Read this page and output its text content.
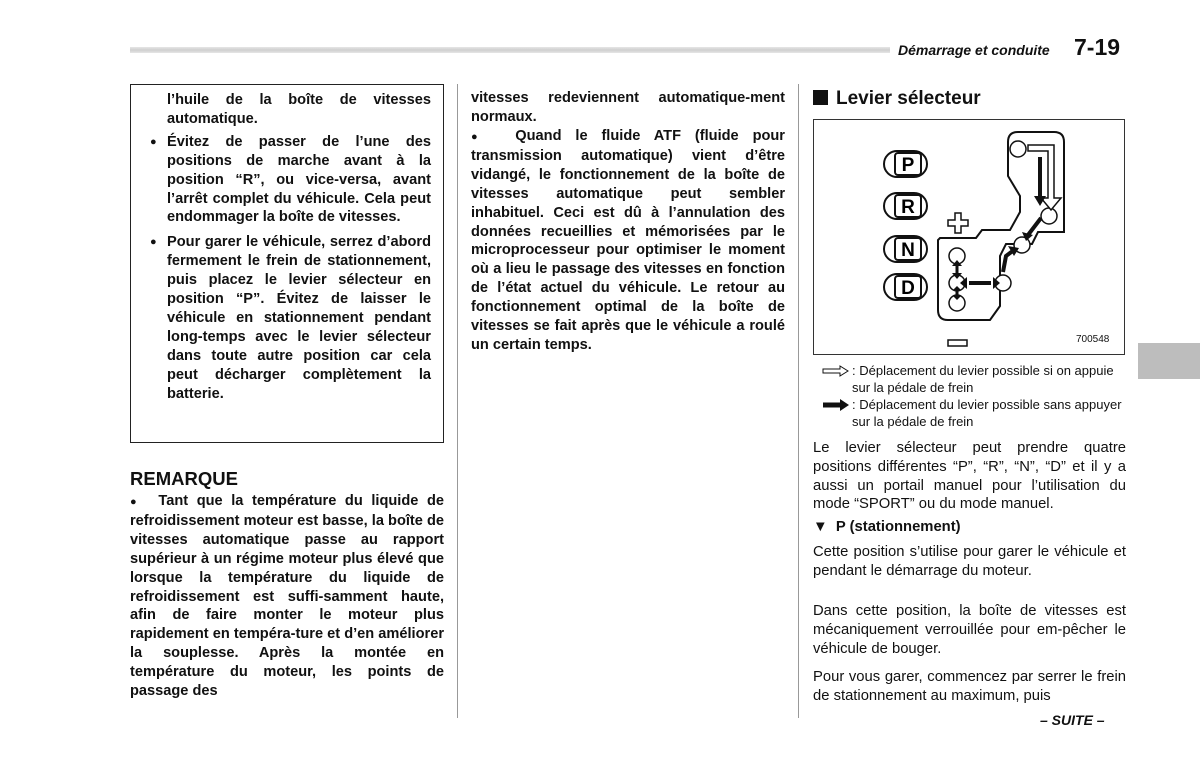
Démarrage et conduite 7-19

l’huile de la boîte de vitesses automatique.

● Évitez de passer de l’une des positions de marche avant à la position “R”, ou vice-versa, avant l’arrêt complet du véhicule. Cela peut endommager la boîte de vitesses.

● Pour garer le véhicule, serrez d’abord fermement le frein de stationnement, puis placez le levier sélecteur en position “P”. Évitez de laisser le véhicule en stationnement pendant long-temps avec le levier sélecteur dans toute autre position car cela peut décharger complètement la batterie.

REMARQUE

● Tant que la température du liquide de refroidissement moteur est basse, la boîte de vitesses automatique passe au rapport supérieur à un régime moteur plus élevé que lorsque la température du liquide de refroidissement est suffi-samment haute, afin de faire monter le moteur plus rapidement en tempéra-ture et d’en améliorer la souplesse. Après la montée en température du moteur, les points de passage des

vitesses redeviennent automatique-ment normaux.

● Quand le fluide ATF (fluide pour transmission automatique) vient d’être vidangé, le fonctionnement de la boîte de vitesses automatique peut sembler inhabituel. Ceci est dû à l’annulation des données recueillies et mémorisées par le microprocesseur pour optimiser le moment où a lieu le passage des vitesses en fonction de l’état actuel du véhicule. Le retour au fonctionnement optimal de la boîte de vitesses se fait après que le véhicule a roulé un certain temps.

Levier sélecteur
P
R
N
D
700548
: Déplacement du levier possible si on appuie sur la pédale de frein
: Déplacement du levier possible sans appuyer sur la pédale de frein

Le levier sélecteur peut prendre quatre positions différentes “P”, “R”, “N”, “D” et il y a aussi un portail manuel pour l’utilisation du mode “SPORT” ou du mode manuel.

▼ P (stationnement)

Cette position s’utilise pour garer le véhicule et pendant le démarrage du moteur.

Dans cette position, la boîte de vitesses est mécaniquement verrouillée pour em-pêcher le véhicule de bouger.

Pour vous garer, commencez par serrer le frein de stationnement au maximum, puis

– SUITE –
